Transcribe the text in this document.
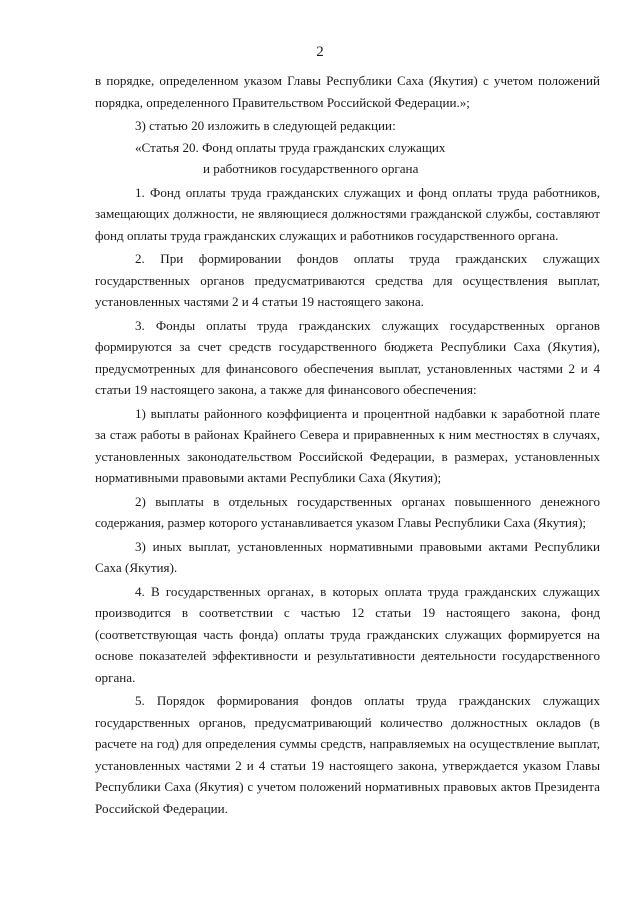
2

в порядке, определенном указом Главы Республики Саха (Якутия) с учетом положений порядка, определенного Правительством Российской Федерации.»;

3) статью 20 изложить в следующей редакции:

«Статья 20. Фонд оплаты труда гражданских служащих

и работников государственного органа

1. Фонд оплаты труда гражданских служащих и фонд оплаты труда работников, замещающих должности, не являющиеся должностями гражданской службы, составляют фонд оплаты труда гражданских служащих и работников государственного органа.

2. При формировании фондов оплаты труда гражданских служащих государственных органов предусматриваются средства для осуществления выплат, установленных частями 2 и 4 статьи 19 настоящего закона.

3. Фонды оплаты труда гражданских служащих государственных органов формируются за счет средств государственного бюджета Республики Саха (Якутия), предусмотренных для финансового обеспечения выплат, установленных частями 2 и 4 статьи 19 настоящего закона, а также для финансового обеспечения:

1) выплаты районного коэффициента и процентной надбавки к заработной плате за стаж работы в районах Крайнего Севера и приравненных к ним местностях в случаях, установленных законодательством Российской Федерации, в размерах, установленных нормативными правовыми актами Республики Саха (Якутия);

2) выплаты в отдельных государственных органах повышенного денежного содержания, размер которого устанавливается указом Главы Республики Саха (Якутия);

3) иных выплат, установленных нормативными правовыми актами Республики Саха (Якутия).

4. В государственных органах, в которых оплата труда гражданских служащих производится в соответствии с частью 12 статьи 19 настоящего закона, фонд (соответствующая часть фонда) оплаты труда гражданских служащих формируется на основе показателей эффективности и результативности деятельности государственного органа.

5. Порядок формирования фондов оплаты труда гражданских служащих государственных органов, предусматривающий количество должностных окладов (в расчете на год) для определения суммы средств, направляемых на осуществление выплат, установленных частями 2 и 4 статьи 19 настоящего закона, утверждается указом Главы Республики Саха (Якутия) с учетом положений нормативных правовых актов Президента Российской Федерации.
